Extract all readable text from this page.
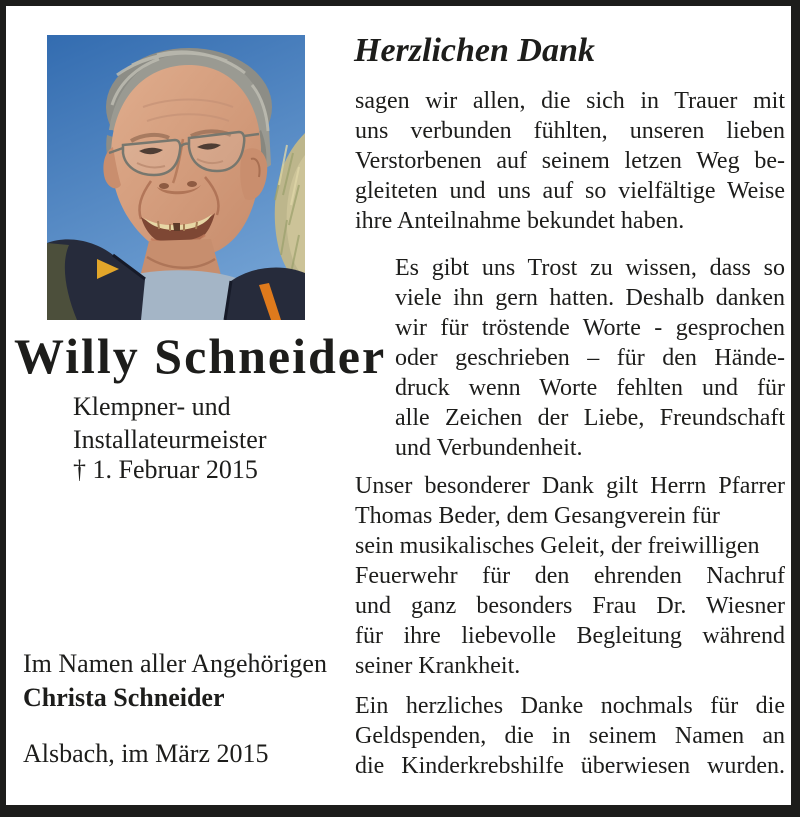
Willy Schneider
Klempner- und
Installateurmeister
† 1. Februar 2015
Im Namen aller Angehörigen
Christa Schneider
Alsbach, im März 2015
Herzlichen Dank
sagen wir allen, die sich in Trauer mit
uns verbunden fühlten, unseren lieben
Verstorbenen auf seinem letzen Weg be-
gleiteten und uns auf so vielfältige Weise
ihre Anteilnahme bekundet haben.
Es gibt uns Trost zu wissen, dass so
viele ihn gern hatten. Deshalb danken
wir für tröstende Worte - gesprochen
oder geschrieben – für den Hände-
druck wenn Worte fehlten und für
alle Zeichen der Liebe, Freundschaft
und Verbundenheit.
Unser besonderer Dank gilt Herrn Pfarrer
Thomas Beder, dem Gesangverein für
sein musikalisches Geleit, der freiwilligen
Feuerwehr für den ehrenden Nachruf
und ganz besonders Frau Dr. Wiesner
für ihre liebevolle Begleitung während
seiner Krankheit.
Ein herzliches Danke nochmals für die
Geldspenden, die in seinem Namen an
die Kinderkrebshilfe überwiesen wurden.
